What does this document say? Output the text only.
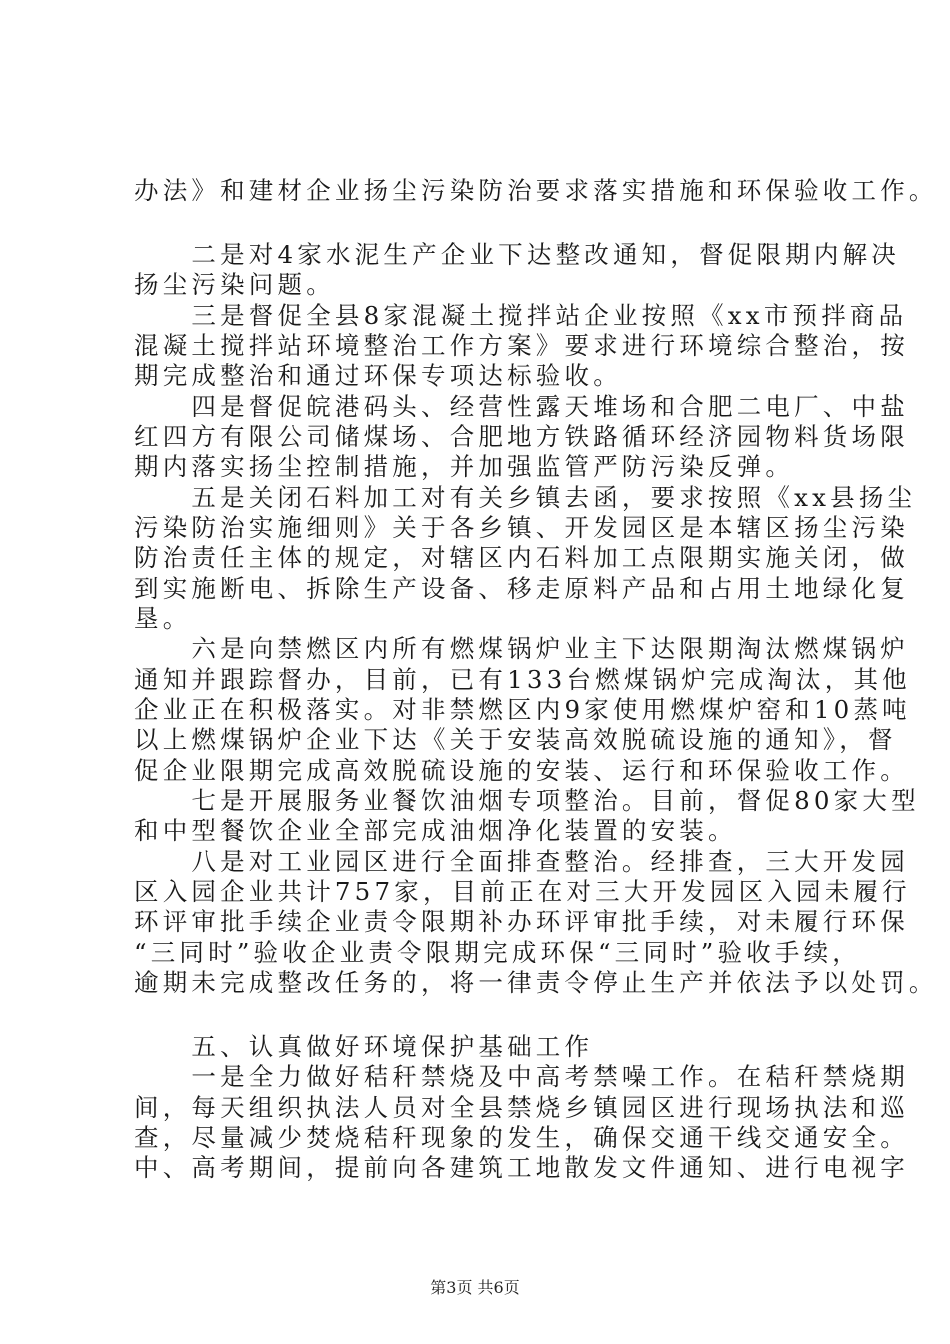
办法》和建材企业扬尘污染防治要求落实措施和环保验收工作。
　　二是对4家水泥生产企业下达整改通知，督促限期内解决
扬尘污染问题。
　　三是督促全县8家混凝土搅拌站企业按照《xx市预拌商品
混凝土搅拌站环境整治工作方案》要求进行环境综合整治，按
期完成整治和通过环保专项达标验收。
　　四是督促皖港码头、经营性露天堆场和合肥二电厂、中盐
红四方有限公司储煤场、合肥地方铁路循环经济园物料货场限
期内落实扬尘控制措施，并加强监管严防污染反弹。
　　五是关闭石料加工对有关乡镇去函，要求按照《xx县扬尘
污染防治实施细则》关于各乡镇、开发园区是本辖区扬尘污染
防治责任主体的规定，对辖区内石料加工点限期实施关闭，做
到实施断电、拆除生产设备、移走原料产品和占用土地绿化复
垦。
　　六是向禁燃区内所有燃煤锅炉业主下达限期淘汰燃煤锅炉
通知并跟踪督办，目前，已有133台燃煤锅炉完成淘汰，其他
企业正在积极落实。对非禁燃区内9家使用燃煤炉窑和10蒸吨
以上燃煤锅炉企业下达《关于安装高效脱硫设施的通知》，督
促企业限期完成高效脱硫设施的安装、运行和环保验收工作。
　　七是开展服务业餐饮油烟专项整治。目前，督促80家大型
和中型餐饮企业全部完成油烟净化装置的安装。
　　八是对工业园区进行全面排查整治。经排查，三大开发园
区入园企业共计757家，目前正在对三大开发园区入园未履行
环评审批手续企业责令限期补办环评审批手续，对未履行环保
“三同时”验收企业责令限期完成环保“三同时”验收手续，
逾期未完成整改任务的，将一律责令停止生产并依法予以处罚。
　　五、认真做好环境保护基础工作
　　一是全力做好秸秆禁烧及中高考禁噪工作。在秸秆禁烧期
间，每天组织执法人员对全县禁烧乡镇园区进行现场执法和巡
查，尽量减少焚烧秸秆现象的发生，确保交通干线交通安全。
中、高考期间，提前向各建筑工地散发文件通知、进行电视字
第3页 共6页
